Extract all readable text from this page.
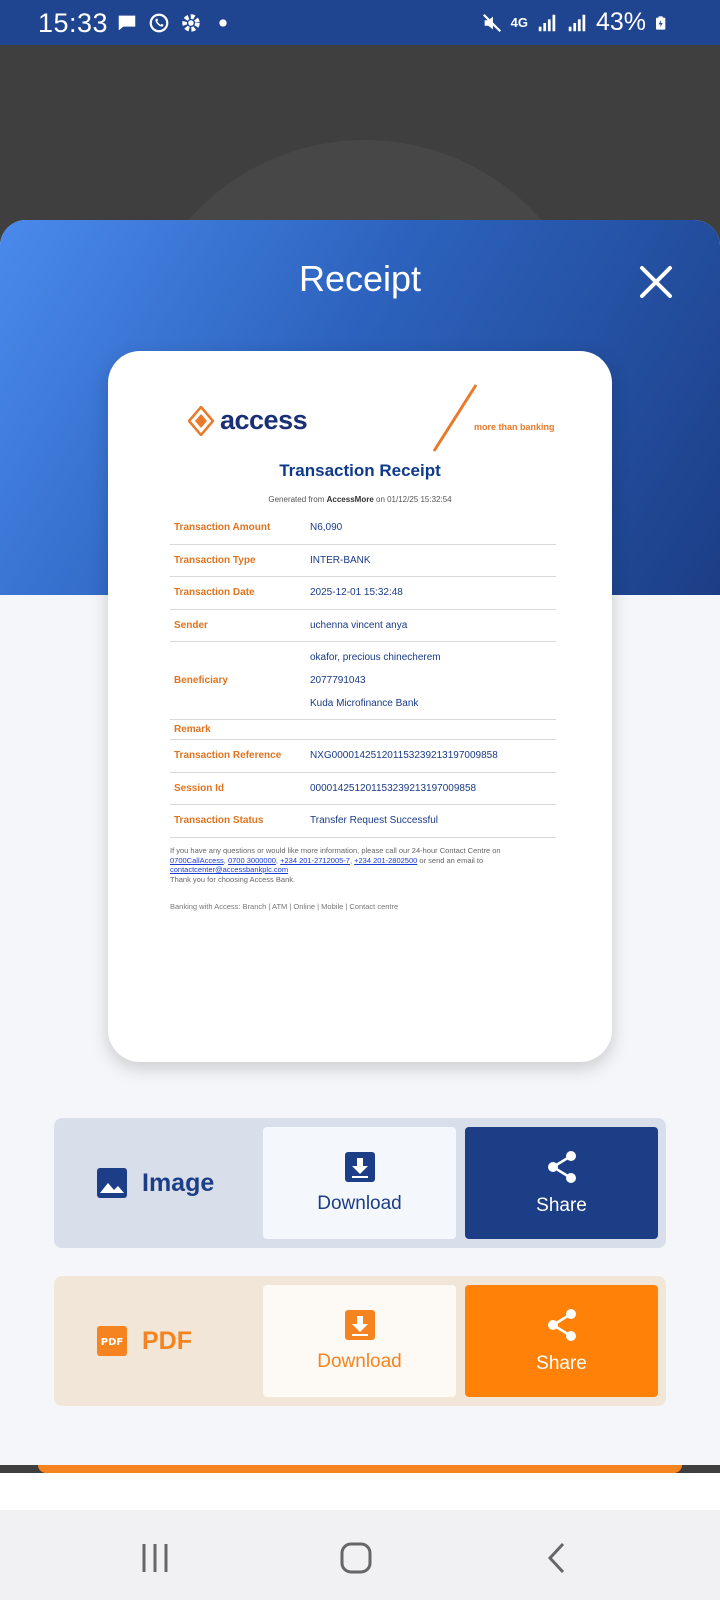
15:33	4G	43%
Receipt
access	more than banking
Transaction Receipt
Generated from AccessMore on 01/12/25 15:32:54
Transaction Amount	N6,090
Transaction Type	INTER-BANK
Transaction Date	2025-12-01 15:32:48
Sender	uchenna vincent anya
Beneficiary
okafor, precious chinecherem
2077791043
Kuda Microfinance Bank
Remark
Transaction Reference	NXG000014251201153239213197009858
Session Id	000014251201153239213197009858
Transaction Status	Transfer Request Successful
If you have any questions or would like more information, please call our 24-hour Contact Centre on 0700CallAccess, 0700 3000000, +234 201-2712005-7, +234 201-2802500 or send an email to
contactcenter@accessbankplc.com
Thank you for choosing Access Bank.
Banking with Access: Branch | ATM | Online | Mobile | Contact centre
Image
Download	Share
PDF PDF
Download	Share
